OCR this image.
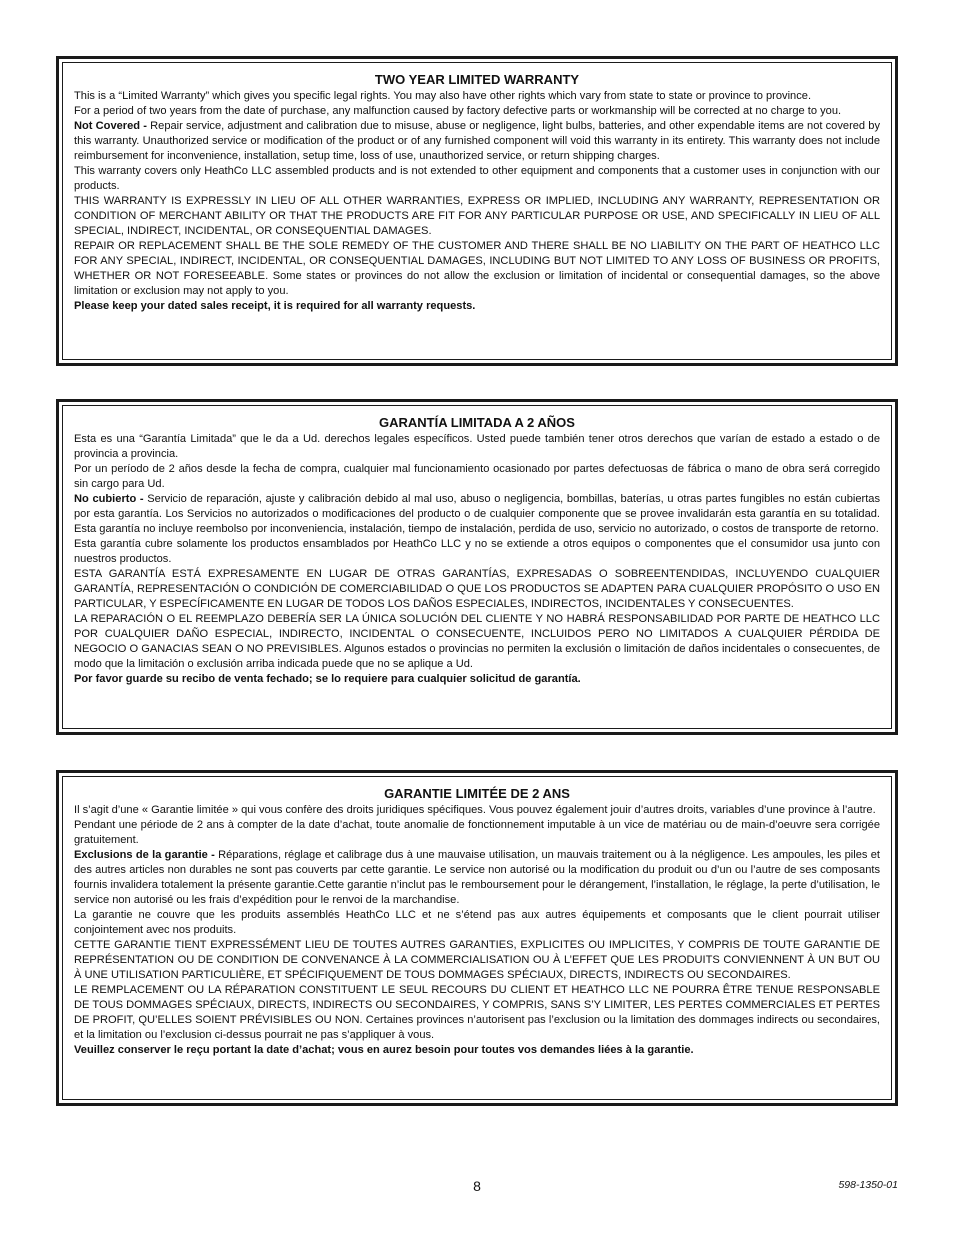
TWO YEAR LIMITED WARRANTY

This is a “Limited Warranty” which gives you specific legal rights. You may also have other rights which vary from state to state or province to province.

For a period of two years from the date of purchase, any malfunction caused by factory defective parts or workmanship will be corrected at no charge to you.

Not Covered - Repair service, adjustment and calibration due to misuse, abuse or negligence, light bulbs, batteries, and other expendable items are not covered by this warranty. Unauthorized service or modification of the product or of any furnished component will void this warranty in its entirety. This warranty does not include reimbursement for inconvenience, installation, setup time, loss of use, unauthorized service, or return shipping charges.

This warranty covers only HeathCo LLC assembled products and is not extended to other equipment and components that a customer uses in conjunction with our products.

THIS WARRANTY IS EXPRESSLY IN LIEU OF ALL OTHER WARRANTIES, EXPRESS OR IMPLIED, INCLUDING ANY WARRANTY, REPRESENTATION OR CONDITION OF MERCHANT ABILITY OR THAT THE PRODUCTS ARE FIT FOR ANY PARTICULAR PURPOSE OR USE, AND SPECIFICALLY IN LIEU OF ALL SPECIAL, INDIRECT, INCIDENTAL, OR CONSEQUENTIAL DAMAGES.

REPAIR OR REPLACEMENT SHALL BE THE SOLE REMEDY OF THE CUSTOMER AND THERE SHALL BE NO LIABILITY ON THE PART OF HEATHCO LLC FOR ANY SPECIAL, INDIRECT, INCIDENTAL, OR CONSEQUENTIAL DAMAGES, INCLUDING BUT NOT LIMITED TO ANY LOSS OF BUSINESS OR PROFITS, WHETHER OR NOT FORESEEABLE. Some states or provinces do not allow the exclusion or limitation of incidental or consequential damages, so the above limitation or exclusion may not apply to you.

Please keep your dated sales receipt, it is required for all warranty requests.

GARANTÍA LIMITADA A 2 AÑOS

Esta es una “Garantía Limitada” que le da a Ud. derechos legales específicos. Usted puede también tener otros derechos que varían de estado a estado o de provincia a provincia.

Por un período de 2 años desde la fecha de compra, cualquier mal funcionamiento ocasionado por partes defectuosas de fábrica o mano de obra será corregido sin cargo para Ud.

No cubierto - Servicio de reparación, ajuste y calibración debido al mal uso, abuso o negligencia, bombillas, baterías, u otras partes fungibles no están cubiertas por esta garantía. Los Servicios no autorizados o modificaciones del producto o de cualquier componente que se provee invalidarán esta garantía en su totalidad. Esta garantía no incluye reembolso por inconveniencia, instalación, tiempo de instalación, perdida de uso, servicio no autorizado, o costos de transporte de retorno.

Esta garantía cubre solamente los productos ensamblados por HeathCo LLC y no se extiende a otros equipos o componentes que el consumidor usa junto con nuestros productos.

ESTA GARANTÍA ESTÁ EXPRESAMENTE EN LUGAR DE OTRAS GARANTÍAS, EXPRESADAS O SOBREENTENDIDAS, INCLUYENDO CUALQUIER GARANTÍA, REPRESENTACIÓN O CONDICIÓN DE COMERCIABILIDAD O QUE LOS PRODUCTOS SE ADAPTEN PARA CUALQUIER PROPÓSITO O USO EN PARTICULAR, Y ESPECÍFICAMENTE EN LUGAR DE TODOS LOS DAÑOS ESPECIALES, INDIRECTOS, INCIDENTALES Y CONSECUENTES.

LA REPARACIÓN O EL REEMPLAZO DEBERÍA SER LA ÚNICA SOLUCIÓN DEL CLIENTE Y NO HABRÁ RESPONSABILIDAD POR PARTE DE HEATHCO LLC POR CUALQUIER DAÑO ESPECIAL, INDIRECTO, INCIDENTAL O CONSECUENTE, INCLUIDOS PERO NO LIMITADOS A CUALQUIER PÉRDIDA DE NEGOCIO O GANACIAS SEAN O NO PREVISIBLES. Algunos estados o provincias no permiten la exclusión o limitación de daños incidentales o consecuentes, de modo que la limitación o exclusión arriba indicada puede que no se aplique a Ud.

Por favor guarde su recibo de venta fechado; se lo requiere para cualquier solicitud de garantía.

GARANTIE LIMITÉE DE 2 ANS

Il s’agit d’une « Garantie limitée » qui vous confère des droits juridiques spécifiques. Vous pouvez également jouir d’autres droits, variables d’une province à l’autre.

Pendant une période de 2 ans à compter de la date d’achat, toute anomalie de fonctionnement imputable à un vice de matériau ou de main-d’oeuvre sera corrigée gratuitement.

Exclusions de la garantie - Réparations, réglage et calibrage dus à une mauvaise utilisation, un mauvais traitement ou à la négligence. Les ampoules, les piles et des autres articles non durables ne sont pas couverts par cette garantie. Le service non autorisé ou la modification du produit ou d’un ou l’autre de ses composants fournis invalidera totalement la présente garantie.Cette garantie n’inclut pas le remboursement pour le dérangement, l’installation, le réglage, la perte d’utilisation, le service non autorisé ou les frais d’expédition pour le renvoi de la marchandise.

La garantie ne couvre que les produits assemblés HeathCo LLC et ne s’étend pas aux autres équipements et composants que le client pourrait utiliser conjointement avec nos produits.

CETTE GARANTIE TIENT EXPRESSÉMENT LIEU DE TOUTES AUTRES GARANTIES, EXPLICITES OU IMPLICITES, Y COMPRIS DE TOUTE GARANTIE DE REPRÉSENTATION OU DE CONDITION DE CONVENANCE À LA COMMERCIALISATION OU À L’EFFET QUE LES PRODUITS CONVIENNENT À UN BUT OU À UNE UTILISATION PARTICULIÈRE, ET SPÉCIFIQUEMENT DE TOUS DOMMAGES SPÉCIAUX, DIRECTS, INDIRECTS OU SECONDAIRES.

LE REMPLACEMENT OU LA RÉPARATION CONSTITUENT LE SEUL RECOURS DU CLIENT ET HEATHCO LLC NE POURRA ÊTRE TENUE RESPONSABLE DE TOUS DOMMAGES SPÉCIAUX, DIRECTS, INDIRECTS OU SECONDAIRES, Y COMPRIS, SANS S’Y LIMITER, LES PERTES COMMERCIALES ET PERTES DE PROFIT, QU’ELLES SOIENT PRÉVISIBLES OU NON. Certaines provinces n’autorisent pas l’exclusion ou la limitation des dommages indirects ou secondaires, et la limitation ou l’exclusion ci-dessus pourrait ne pas s’appliquer à vous.

Veuillez conserver le reçu portant la date d’achat; vous en aurez besoin pour toutes vos demandes liées à la garantie.

8	598-1350-01
